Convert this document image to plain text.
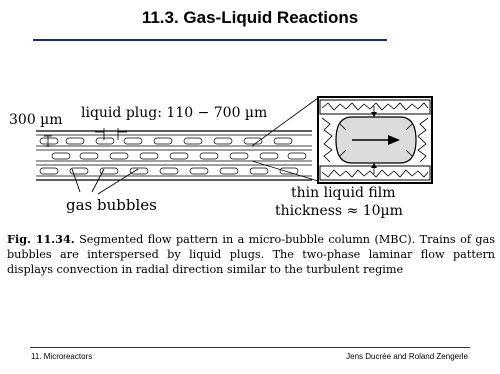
11.3. Gas-Liquid Reactions
300 µm liquid plug: 110 − 700 µm
gas bubbles
thin liquid film
thickness ≈ 10µm
Fig. 11.34. Segmented flow pattern in a micro-bubble column (MBC). Trains of gas bubbles are interspersed by liquid plugs. The two-phase laminar flow pattern displays convection in radial direction similar to the turbulent regime
11. Microreactors	Jens Ducrée and Roland Zengerle
